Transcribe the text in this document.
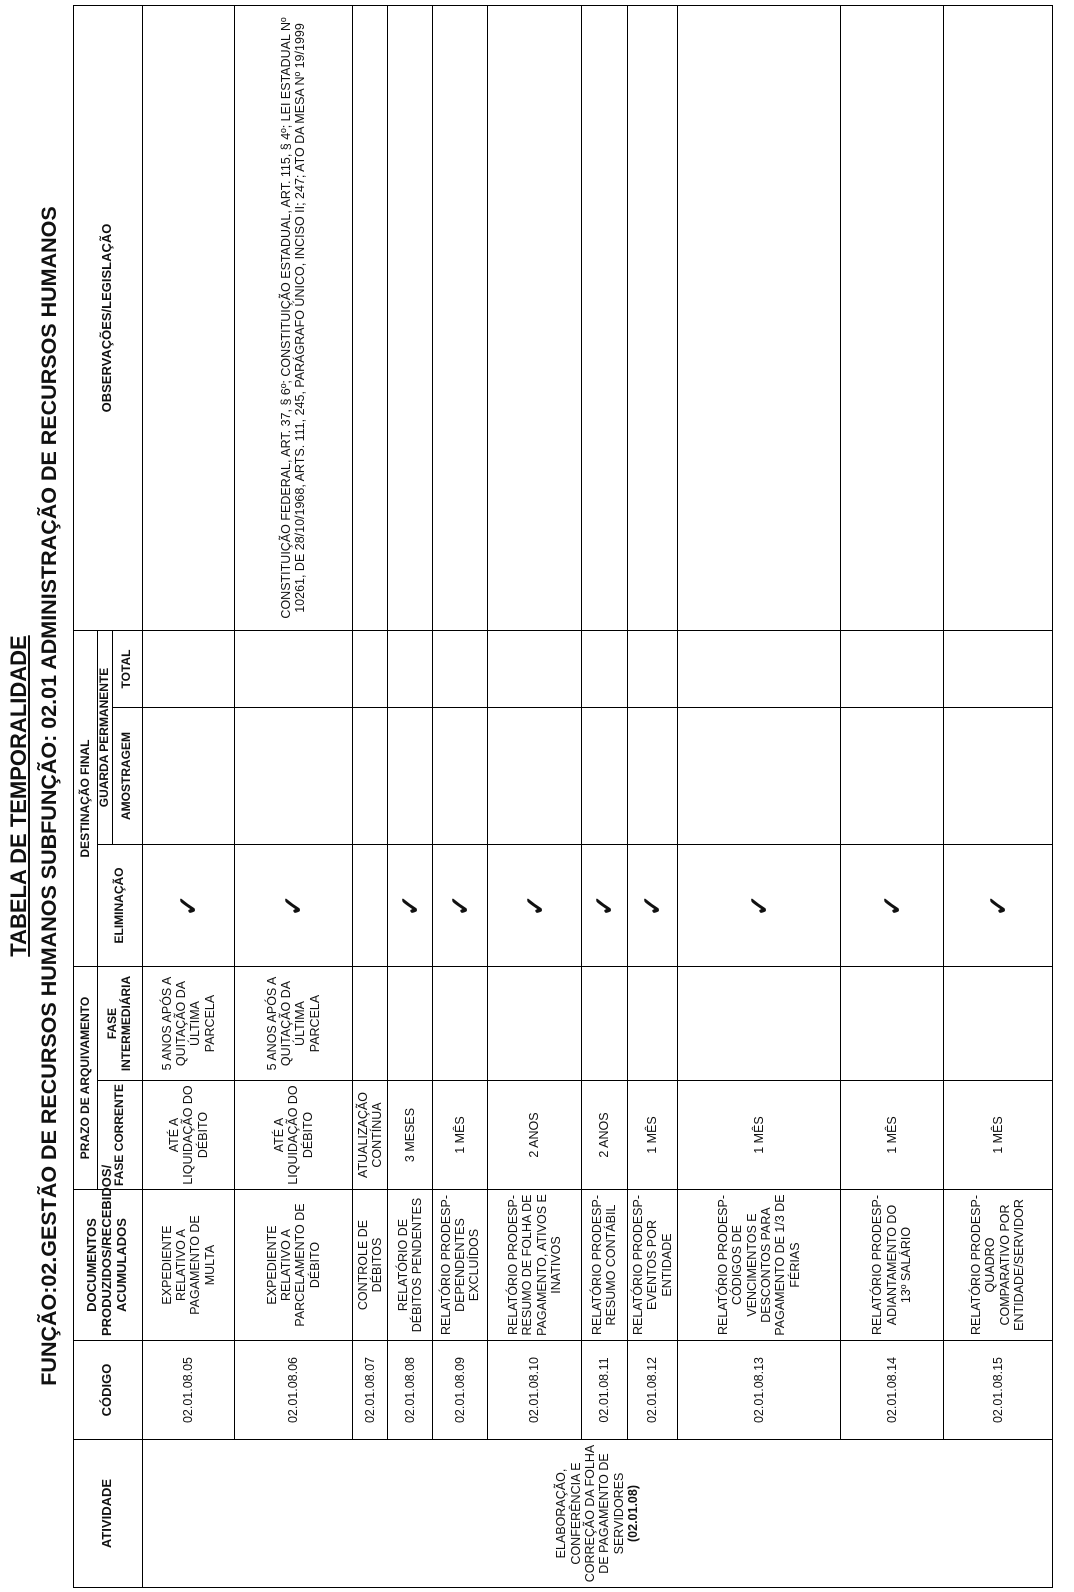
TABELA DE TEMPORALIDADE FUNÇÃO:02.GESTÃO DE RECURSOS HUMANOS SUBFUNÇÃO: 02.01 ADMINISTRAÇÃO DE RECURSOS HUMANOS
ATIVIDADE	CÓDIGO	DOCUMENTOS PRODUZIDOS/RECEBIDOS/ ACUMULADOS	PRAZO DE ARQUIVAMENTO		DESTINAÇÃO FINAL			OBSERVAÇÕES/LEGISLAÇÃO
			FASE CORRENTE	FASE INTERMEDIÁRIA	ELIMINAÇÃO	GUARDA PERMANENTE		
						AMOSTRAGEM	TOTAL	

ELABORAÇÃO, CONFERÊNCIA E CORREÇÃO DA FOLHA DE PAGAMENTO DE SERVIDORES (02.01.08)	02.01.08.05	EXPEDIENTE RELATIVO A PAGAMENTO DE MULTA	ATÉ A LIQUIDAÇÃO DO DÉBITO	5 ANOS APÓS A QUITAÇÃO DA ÚLTIMA PARCELA	✓			
	02.01.08.06	EXPEDIENTE RELATIVO A PARCELAMENTO DE DÉBITO	ATÉ A LIQUIDAÇÃO DO DÉBITO	5 ANOS APÓS A QUITAÇÃO DA ÚLTIMA PARCELA	✓			CONSTITUIÇÃO FEDERAL, ART. 37, § 6º; CONSTITUIÇÃO ESTADUAL, ART. 115, § 4º; LEI ESTADUAL Nº 10261, DE 28/10/1968, ARTS. 111, 245, PARÁGRAFO ÚNICO, INCISO II; 247; ATO DA MESA Nº 19/1999
	02.01.08.07	CONTROLE DE DÉBITOS	ATUALIZAÇÃO CONTÍNUA					
	02.01.08.08	RELATÓRIO DE DÉBITOS PENDENTES	3 MESES		✓			
	02.01.08.09	RELATÓRIO PRODESP- DEPENDENTES EXCLUÍDOS	1 MÊS		✓			
	02.01.08.10	RELATÓRIO PRODESP- RESUMO DE FOLHA DE PAGAMENTO, ATIVOS E INATIVOS	2 ANOS		✓			
	02.01.08.11	RELATÓRIO PRODESP- RESUMO CONTÁBIL	2 ANOS		✓			
	02.01.08.12	RELATÓRIO PRODESP- EVENTOS POR ENTIDADE	1 MÊS		✓			
	02.01.08.13	RELATÓRIO PRODESP- CÓDIGOS DE VENCIMENTOS E DESCONTOS PARA PAGAMENTO DE 1/3 DE FÉRIAS	1 MÊS		✓			
	02.01.08.14	RELATÓRIO PRODESP- ADIANTAMENTO DO 13º SALÁRIO	1 MÊS		✓			
	02.01.08.15	RELATÓRIO PRODESP- QUADRO COMPARATIVO POR ENTIDADE/SERVIDOR	1 MÊS		✓			
